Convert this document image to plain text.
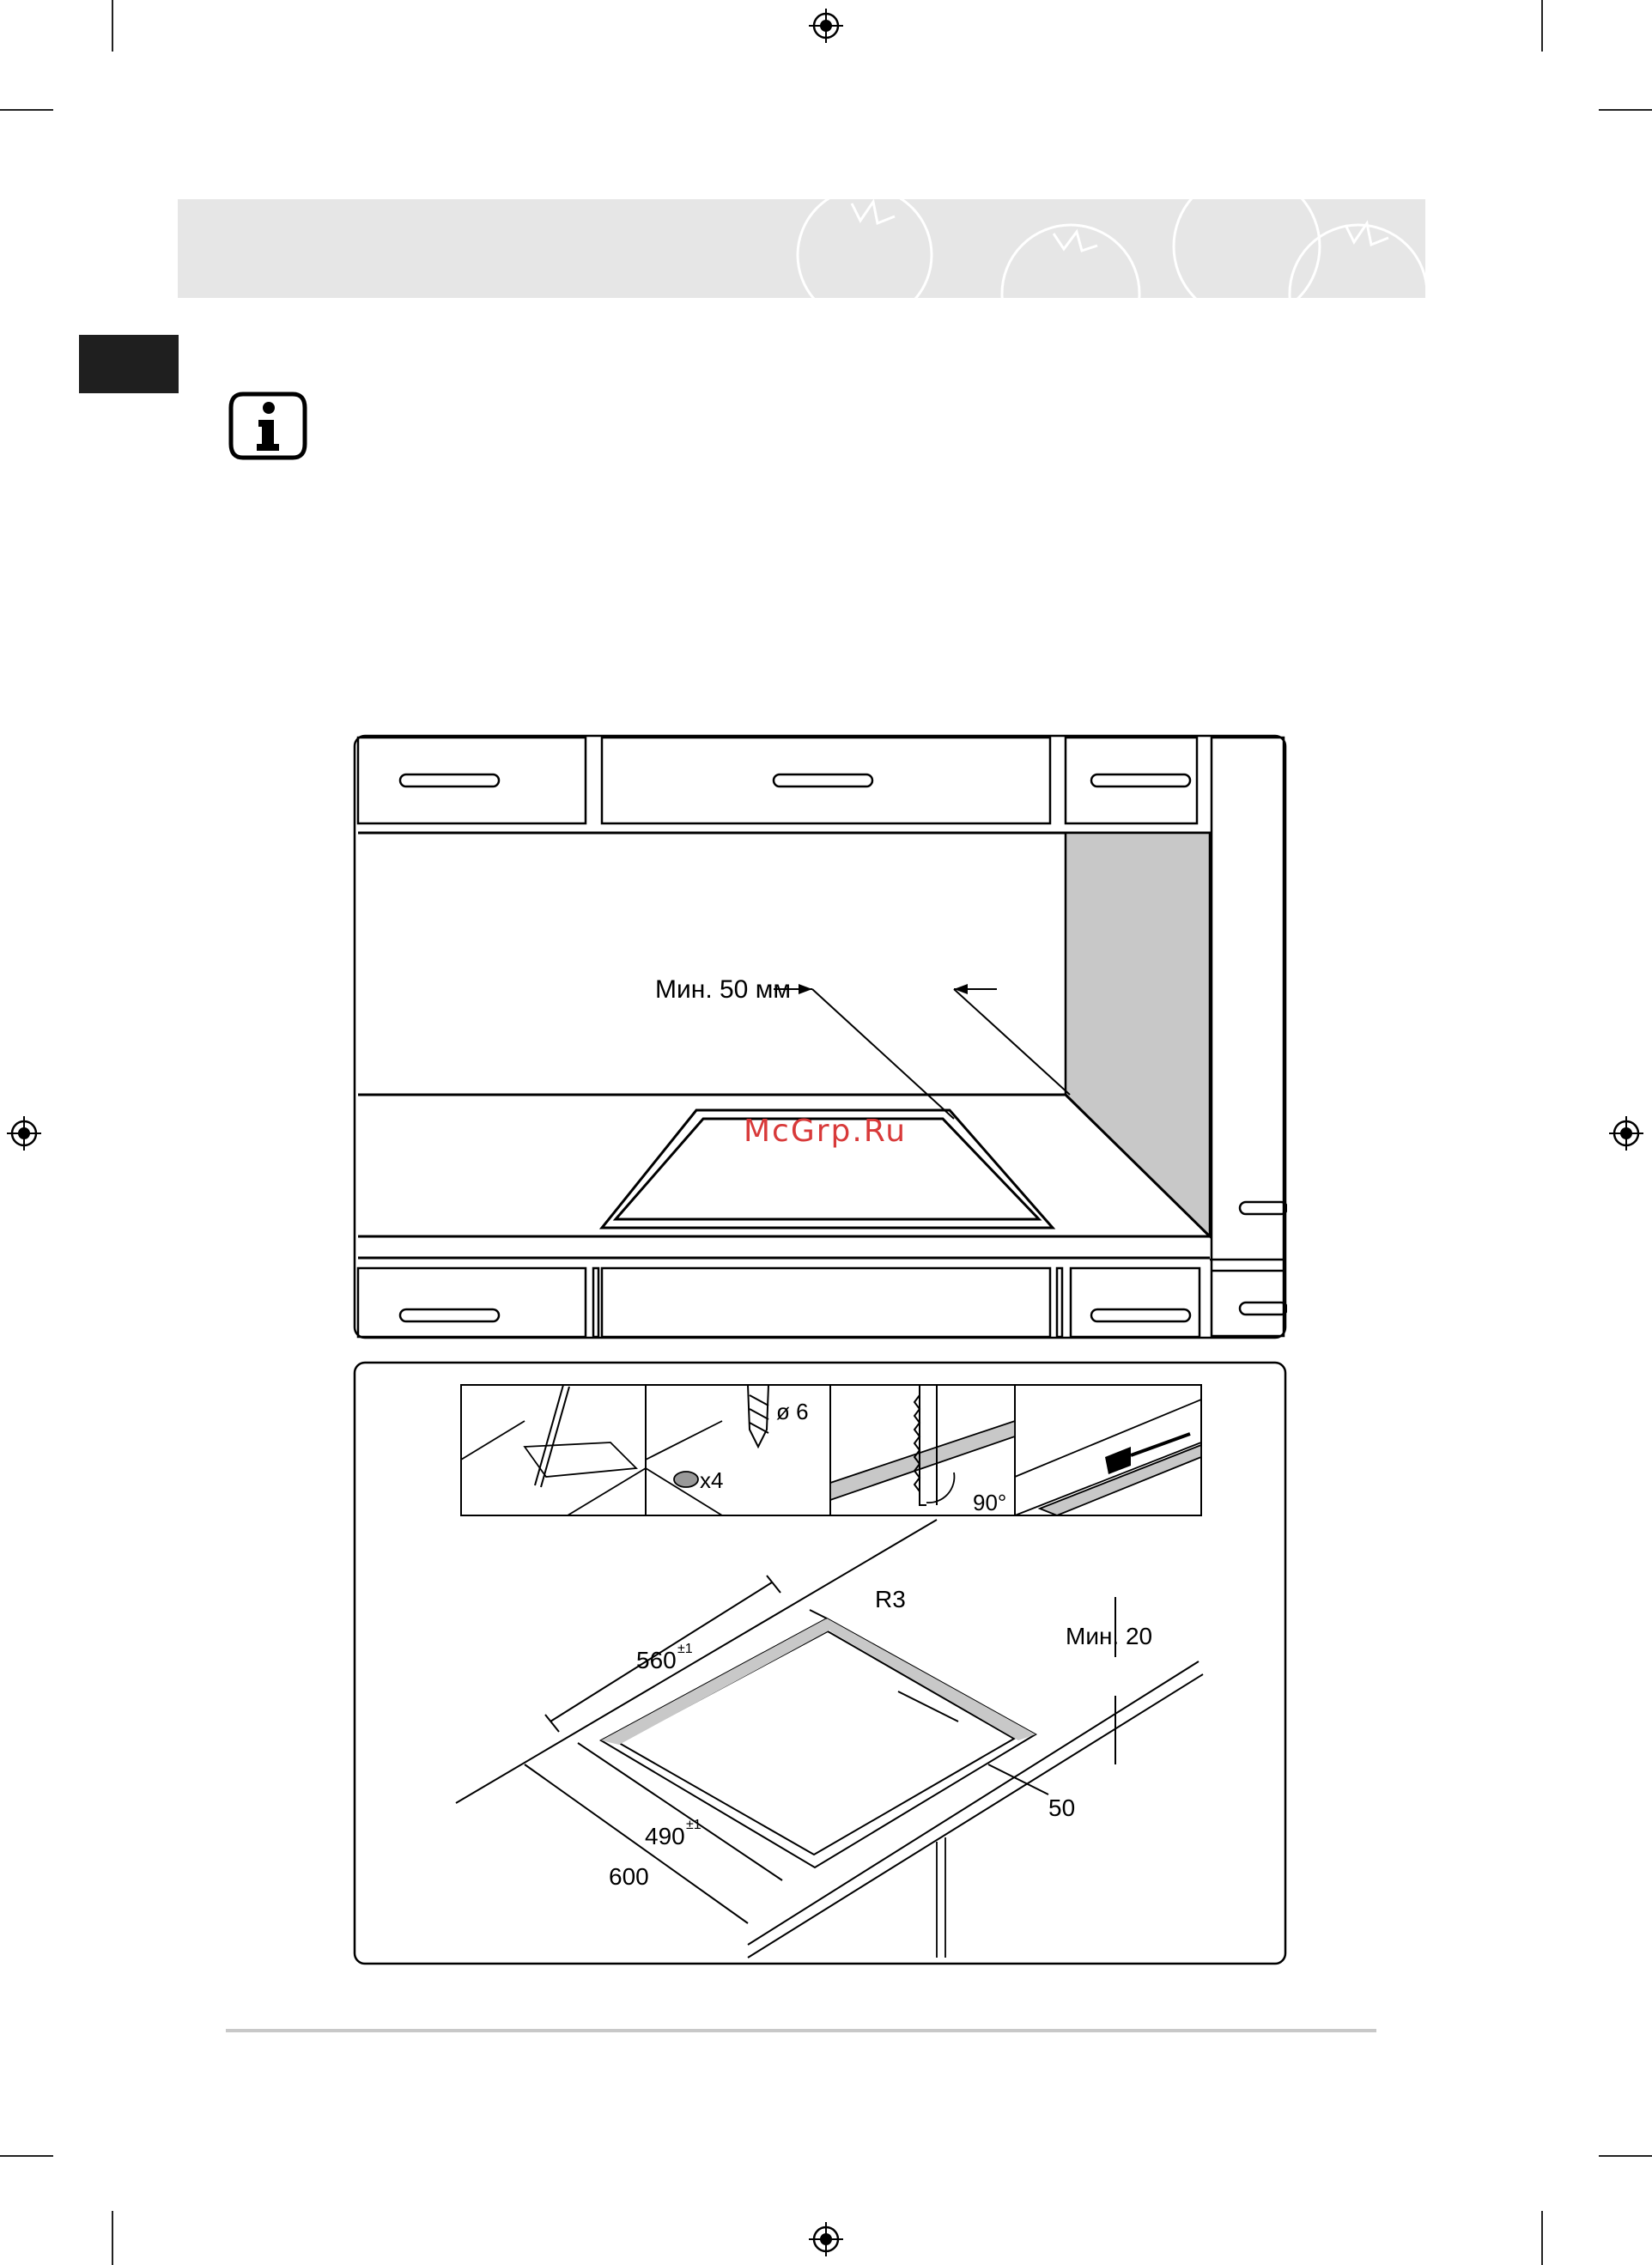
Мин. 50 мм
ø 6
x4
90°
R3
Мин. 20
560 ±1
490 ±1
600
50
McGrp.Ru
